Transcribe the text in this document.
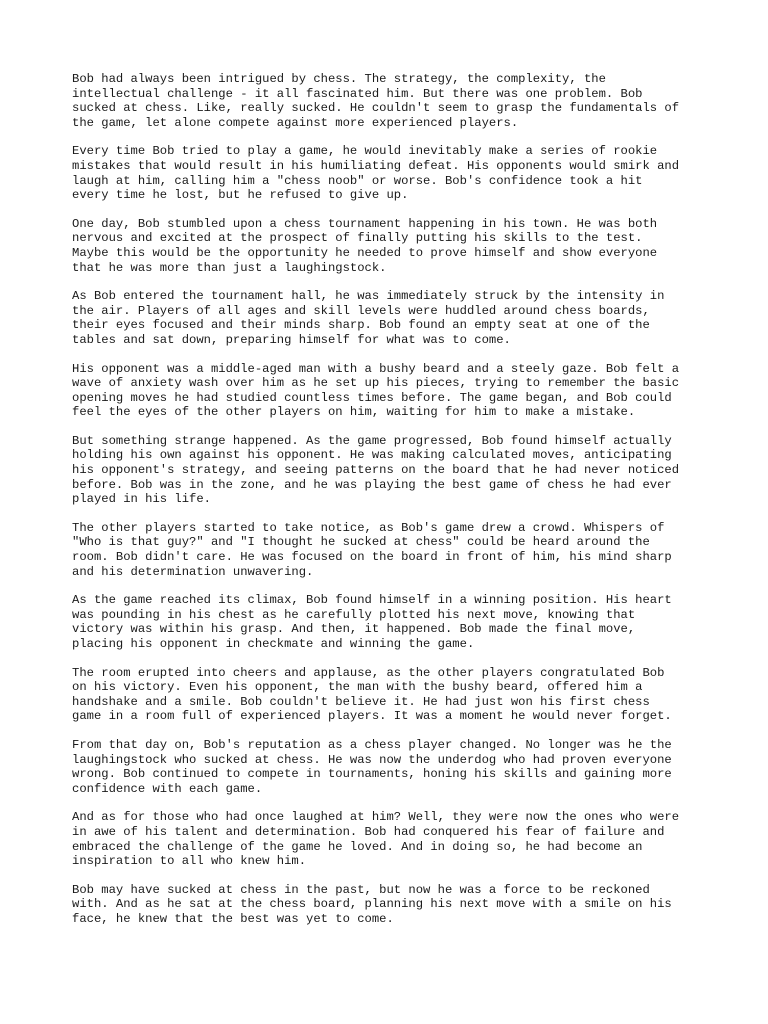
Bob had always been intrigued by chess. The strategy, the complexity, the
intellectual challenge - it all fascinated him. But there was one problem. Bob
sucked at chess. Like, really sucked. He couldn't seem to grasp the fundamentals of
the game, let alone compete against more experienced players.

Every time Bob tried to play a game, he would inevitably make a series of rookie
mistakes that would result in his humiliating defeat. His opponents would smirk and
laugh at him, calling him a "chess noob" or worse. Bob's confidence took a hit
every time he lost, but he refused to give up.

One day, Bob stumbled upon a chess tournament happening in his town. He was both
nervous and excited at the prospect of finally putting his skills to the test.
Maybe this would be the opportunity he needed to prove himself and show everyone
that he was more than just a laughingstock.

As Bob entered the tournament hall, he was immediately struck by the intensity in
the air. Players of all ages and skill levels were huddled around chess boards,
their eyes focused and their minds sharp. Bob found an empty seat at one of the
tables and sat down, preparing himself for what was to come.

His opponent was a middle-aged man with a bushy beard and a steely gaze. Bob felt a
wave of anxiety wash over him as he set up his pieces, trying to remember the basic
opening moves he had studied countless times before. The game began, and Bob could
feel the eyes of the other players on him, waiting for him to make a mistake.

But something strange happened. As the game progressed, Bob found himself actually
holding his own against his opponent. He was making calculated moves, anticipating
his opponent's strategy, and seeing patterns on the board that he had never noticed
before. Bob was in the zone, and he was playing the best game of chess he had ever
played in his life.

The other players started to take notice, as Bob's game drew a crowd. Whispers of
"Who is that guy?" and "I thought he sucked at chess" could be heard around the
room. Bob didn't care. He was focused on the board in front of him, his mind sharp
and his determination unwavering.

As the game reached its climax, Bob found himself in a winning position. His heart
was pounding in his chest as he carefully plotted his next move, knowing that
victory was within his grasp. And then, it happened. Bob made the final move,
placing his opponent in checkmate and winning the game.

The room erupted into cheers and applause, as the other players congratulated Bob
on his victory. Even his opponent, the man with the bushy beard, offered him a
handshake and a smile. Bob couldn't believe it. He had just won his first chess
game in a room full of experienced players. It was a moment he would never forget.

From that day on, Bob's reputation as a chess player changed. No longer was he the
laughingstock who sucked at chess. He was now the underdog who had proven everyone
wrong. Bob continued to compete in tournaments, honing his skills and gaining more
confidence with each game.

And as for those who had once laughed at him? Well, they were now the ones who were
in awe of his talent and determination. Bob had conquered his fear of failure and
embraced the challenge of the game he loved. And in doing so, he had become an
inspiration to all who knew him.

Bob may have sucked at chess in the past, but now he was a force to be reckoned
with. And as he sat at the chess board, planning his next move with a smile on his
face, he knew that the best was yet to come.
